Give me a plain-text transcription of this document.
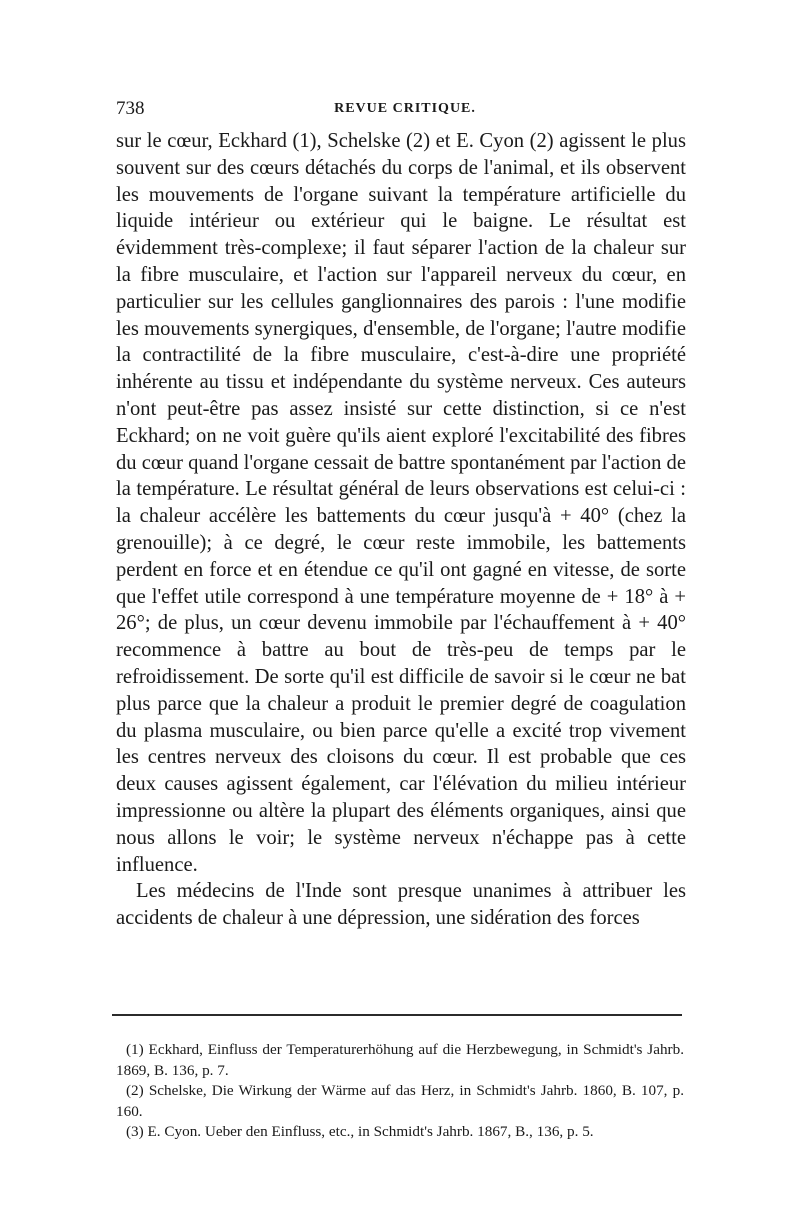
738	REVUE CRITIQUE.

sur le cœur, Eckhard (1), Schelske (2) et E. Cyon (2) agissent le plus souvent sur des cœurs détachés du corps de l'animal, et ils observent les mouvements de l'organe suivant la température artificielle du liquide intérieur ou extérieur qui le baigne. Le résultat est évidemment très-complexe; il faut séparer l'action de la chaleur sur la fibre musculaire, et l'action sur l'appareil nerveux du cœur, en particulier sur les cellules ganglionnaires des parois : l'une modifie les mouvements synergiques, d'ensemble, de l'organe; l'autre modifie la contractilité de la fibre musculaire, c'est-à-dire une propriété inhérente au tissu et indépendante du système nerveux. Ces auteurs n'ont peut-être pas assez insisté sur cette distinction, si ce n'est Eckhard; on ne voit guère qu'ils aient exploré l'excitabilité des fibres du cœur quand l'organe cessait de battre spontanément par l'action de la température. Le résultat général de leurs observations est celui-ci : la chaleur accélère les battements du cœur jusqu'à + 40° (chez la grenouille); à ce degré, le cœur reste immobile, les battements perdent en force et en étendue ce qu'il ont gagné en vitesse, de sorte que l'effet utile correspond à une température moyenne de + 18° à + 26°; de plus, un cœur devenu immobile par l'échauffement à + 40° recommence à battre au bout de très-peu de temps par le refroidissement. De sorte qu'il est difficile de savoir si le cœur ne bat plus parce que la chaleur a produit le premier degré de coagulation du plasma musculaire, ou bien parce qu'elle a excité trop vivement les centres nerveux des cloisons du cœur. Il est probable que ces deux causes agissent également, car l'élévation du milieu intérieur impressionne ou altère la plupart des éléments organiques, ainsi que nous allons le voir; le système nerveux n'échappe pas à cette influence.

Les médecins de l'Inde sont presque unanimes à attribuer les accidents de chaleur à une dépression, une sidération des forces

(1) Eckhard, Einfluss der Temperaturerhöhung auf die Herzbewegung, in Schmidt's Jahrb. 1869, B. 136, p. 7.

(2) Schelske, Die Wirkung der Wärme auf das Herz, in Schmidt's Jahrb. 1860, B. 107, p. 160.

(3) E. Cyon. Ueber den Einfluss, etc., in Schmidt's Jahrb. 1867, B., 136, p. 5.
